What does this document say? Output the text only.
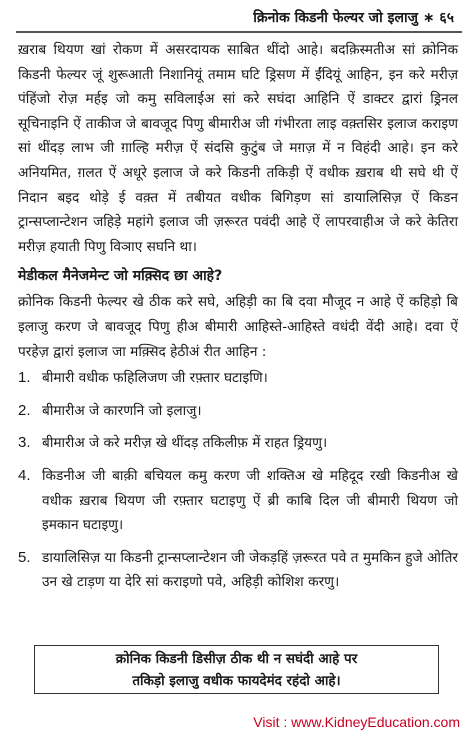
क्रिनोक किडनी फेल्यर जो इलाजु ∗ ६५

ख़राब थियण खां रोकण में असरदायक साबित थींदो आहे। बदक़िस्मतीअ सां क्रोनिक किडनी फेल्यर जूं शुरूआती निशानियूं तमाम घटि ड्रिसण में ईंदियूं आहिन, इन करे मरीज़ पंहिंजो रोज़ मर्हइ जो कमु सविलाईअ सां करे सघंदा आहिनि ऐं डाक्टर द्वारां ड्रिनल सूचिनाइनि ऐं ताकीज जे बावजूद पिणु बीमारीअ जी गंभीरता लाइ वक़्तसिर इलाज कराइण सां थींदड़ लाभ जी ग़ाल्हि मरीज़ ऐं संदसि कुटुंब जे मग़ज़ में न विहंदी आहे। इन करे अनियमित, ग़लत ऐं अधूरे इलाज जे करे किडनी तकिड़ी ऐं वधीक ख़राब थी सघे थी ऐं निदान बइद थोड़े ई वक़्त में तबीयत वधीक बिगिड़ण सां डायालिसिज़ ऐं किडन ट्रान्सप्लान्टेशन जहिड़े महांगे इलाज जी ज़रूरत पवंदी आहे ऐं लापरवाहीअ जे करे केतिरा मरीज़ हयाती पिणु विञाए सघनि था।

मेडीकल मैनेजमेन्ट जो मक़्सिद छा आहे?

क्रोनिक किडनी फेल्यर खे ठीक करे सघे, अहिड़ी का बि दवा मौजूद न आहे ऐं कहिड़ो बि इलाजु करण जे बावजूद पिणु हीअ बीमारी आहिस्ते-आहिस्ते वधंदी वेंदी आहे। दवा ऐं परहेज़ द्वारां इलाज जा मक़्सिद हेठीअं रीत आहिन :

1. बीमारी वधीक फहिलिजण जी रफ़्तार घटाइणि।
2. बीमारीअ जे कारणनि जो इलाजु।
3. बीमारीअ जे करे मरीज़ खे थींदड़ तकिलीफ़ में राहत ड्रियणु।
4. किडनीअ जी बाक़ी बचियल कमु करण जी शक्तिअ खे महिदूद रखी किडनीअ खे वधीक ख़राब थियण जी रफ़्तार घटाइणु ऐं ब्री काबि दिल जी बीमारी थियण जो इमकान घटाइणु।
5. डायालिसिज़ या किडनी ट्रान्सप्लान्टेशन जी जेकड़हिं ज़रूरत पवे त मुमकिन हुजे ओतिर उन खे टाड़ण या देरि सां कराइणो पवे, अहिड़ी कोशिश करणु।
क्रोनिक किडनी डिसीज़ ठीक थी न सघंदी आहे पर
तकिड़ो इलाजु वधीक फायदेमंद रहंदो आहे।
Visit : www.KidneyEducation.com
